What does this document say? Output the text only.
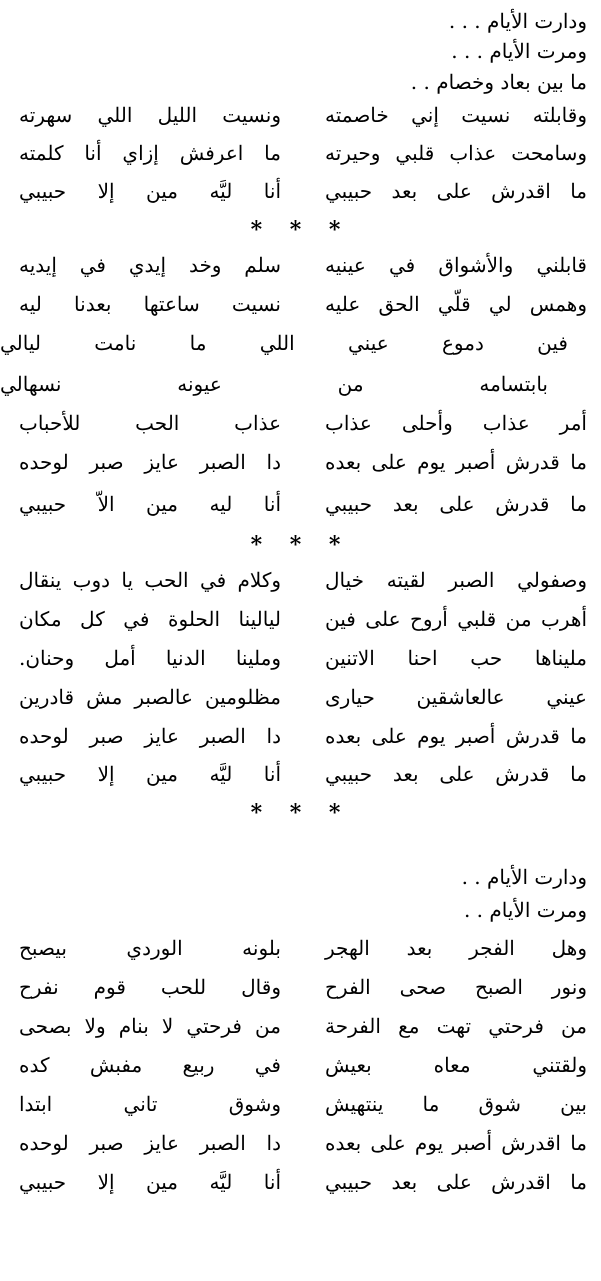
ودارت الأيام . . .
ومرت الأيام . . .
ما بين بعاد وخصام . .
وقابلته نسيت إني خاصمته
ونسيت الليل اللي سهرته
وسامحت عذاب قلبي وحيرته
ما اعرفش إزاي أنا كلمته
ما اقدرش على بعد حبيبي
أنا ليَّه مين إلا حبيبي
* * *
قابلني والأشواق في عينيه
سلم وخد إيدي في إيديه
وهمس لي قلّي الحق عليه
نسيت ساعتها بعدنا ليه
فين دموع عيني اللي ما نامت ليالي
بابتسامه من عيونه نسهالي
أمر عذاب وأحلى عذاب
عذاب الحب للأحباب
ما قدرش أصبر يوم على بعده
دا الصبر عايز صبر لوحده
ما قدرش على بعد حبيبي
أنا ليه مين الاّ حبيبي
* * *
وصفولي الصبر لقيته خيال
وكلام في الحب يا دوب ينقال
أهرب من قلبي أروح على فين
ليالينا الحلوة في كل مكان
مليناها حب احنا الاتنين
وملينا الدنيا أمل وحنان.
عيني عالعاشقين حيارى
مظلومين عالصبر مش قادرين
ما قدرش أصبر يوم على بعده
دا الصبر عايز صبر لوحده
ما قدرش على بعد حبيبي
أنا ليَّه مين إلا حبيبي
* * *
ودارت الأيام . .
ومرت الأيام . .
وهل الفجر بعد الهجر
بلونه الوردي بيصبح
ونور الصبح صحى الفرح
وقال للحب قوم نفرح
من فرحتي تهت مع الفرحة
من فرحتي لا بنام ولا بصحى
ولقتني معاه بعيش
في ربيع مفبش كده
بين شوق ما ينتهيش
وشوق تاني ابتدا
ما اقدرش أصبر يوم على بعده
دا الصبر عايز صبر لوحده
ما اقدرش على بعد حبيبي
أنا ليَّه مين إلا حبيبي
